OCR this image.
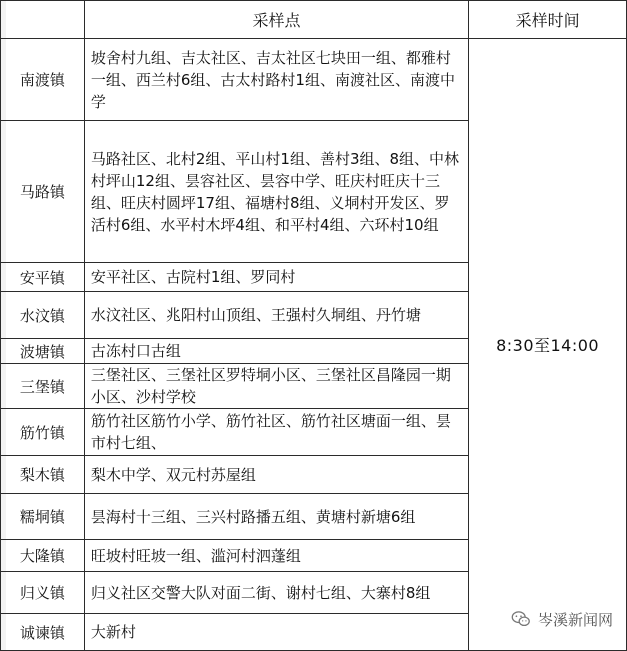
	采样点	采样时间
南渡镇	坡舍村九组、吉太社区、吉太社区七块田一组、都雅村一组、西兰村6组、古太村路村1组、南渡社区、南渡中学	8:30至14:00
马路镇	马路社区、北村2组、平山村1组、善村3组、8组、中林村坪山12组、昙容社区、昙容中学、旺庆村旺庆十三组、旺庆村圆坪17组、福塘村8组、义垌村开发区、罗活村6组、水平村木坪4组、和平村4组、六环村10组	
安平镇	安平社区、古院村1组、罗同村	
水汶镇	水汶社区、兆阳村山顶组、王强村久垌组、丹竹塘	
波塘镇	古冻村口古组	
三堡镇	三堡社区、三堡社区罗特垌小区、三堡社区昌隆园一期小区、沙村学校	
筋竹镇	筋竹社区筋竹小学、筋竹社区、筋竹社区塘面一组、昙市村七组、	
梨木镇	梨木中学、双元村苏屋组	
糯垌镇	昙海村十三组、三兴村路播五组、黄塘村新塘6组	
大隆镇	旺坡村旺坡一组、滥河村泗蓬组	
归义镇	归义社区交警大队对面二街、谢村七组、大寨村8组	
诚谏镇	大新村	
岑溪新闻网
